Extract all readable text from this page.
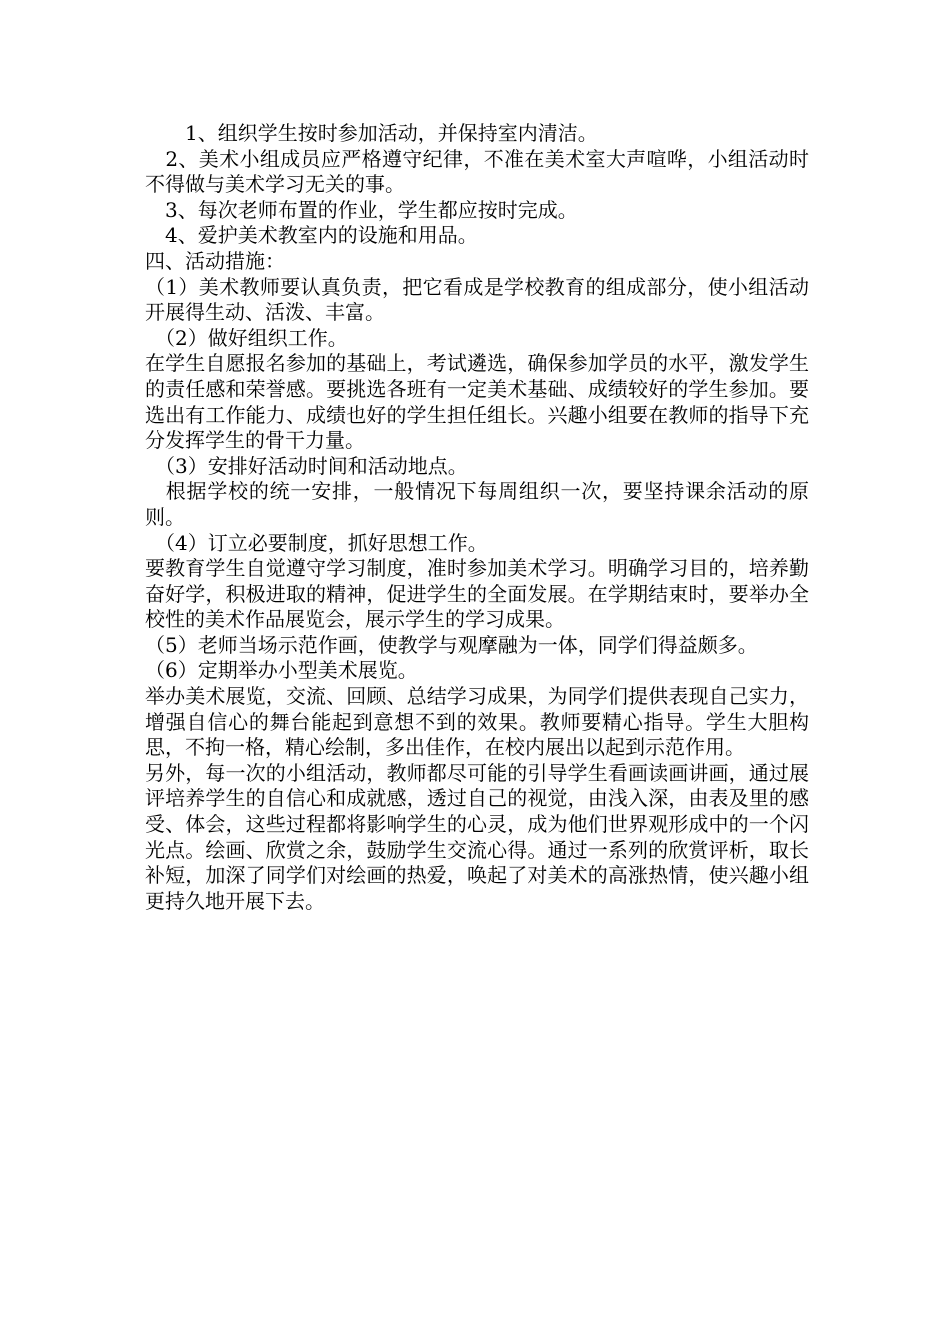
　　1、组织学生按时参加活动，并保持室内清洁。

　2、美术小组成员应严格遵守纪律，不准在美术室大声喧哗，小组活动时不得做与美术学习无关的事。

　3、每次老师布置的作业，学生都应按时完成。

　4、爱护美术教室内的设施和用品。

四、活动措施：

（1）美术教师要认真负责，把它看成是学校教育的组成部分，使小组活动开展得生动、活泼、丰富。

　（2）做好组织工作。

在学生自愿报名参加的基础上，考试遴选，确保参加学员的水平，激发学生的责任感和荣誉感。要挑选各班有一定美术基础、成绩较好的学生参加。要选出有工作能力、成绩也好的学生担任组长。兴趣小组要在教师的指导下充分发挥学生的骨干力量。

　（3）安排好活动时间和活动地点。

　根据学校的统一安排，一般情况下每周组织一次，要坚持课余活动的原则。

　（4）订立必要制度，抓好思想工作。

要教育学生自觉遵守学习制度，准时参加美术学习。明确学习目的，培养勤奋好学，积极进取的精神，促进学生的全面发展。在学期结束时，要举办全校性的美术作品展览会，展示学生的学习成果。

（5）老师当场示范作画，使教学与观摩融为一体，同学们得益颇多。

（6）定期举办小型美术展览。

举办美术展览，交流、回顾、总结学习成果，为同学们提供表现自己实力，增强自信心的舞台能起到意想不到的效果。教师要精心指导。学生大胆构思，不拘一格，精心绘制，多出佳作，在校内展出以起到示范作用。

另外，每一次的小组活动，教师都尽可能的引导学生看画读画讲画，通过展评培养学生的自信心和成就感，透过自己的视觉，由浅入深，由表及里的感受、体会，这些过程都将影响学生的心灵，成为他们世界观形成中的一个闪光点。绘画、欣赏之余，鼓励学生交流心得。通过一系列的欣赏评析，取长补短，加深了同学们对绘画的热爱，唤起了对美术的高涨热情，使兴趣小组更持久地开展下去。
